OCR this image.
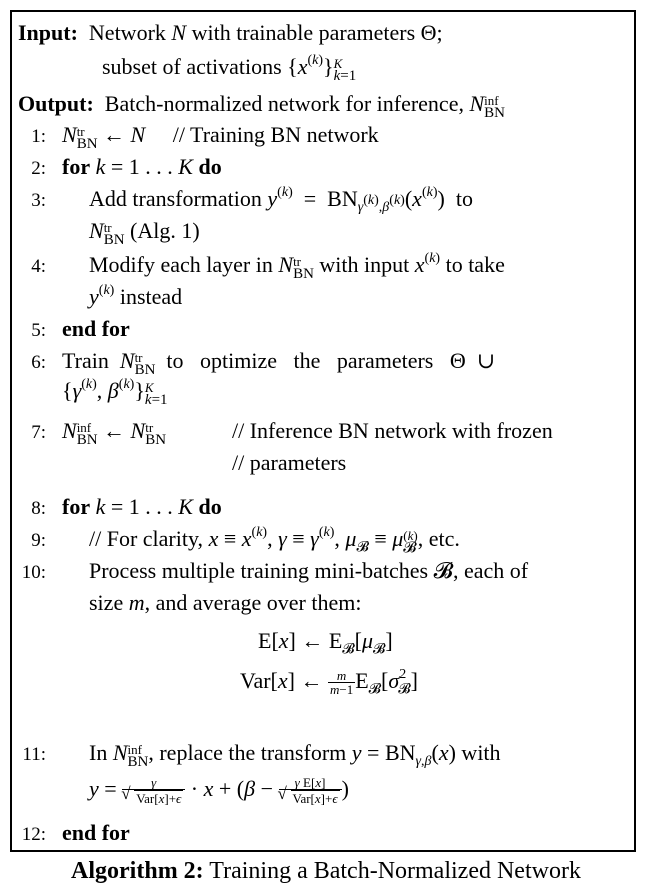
Input:  Network N with trainable parameters Θ;
subset of activations $\{x^{(k)}\}$ K
k=1
Output:  Batch-normalized network for inference, N inf
BN
1: N tr
BN ← N // Training BN network
2: for k = 1 . . . K do
3: Add transformation $y^{(k)} = BN_{\gamma^{(k)},\beta^{(k)}}(x^{(k)})$  to
N tr
BN (Alg. 1)
4: Modify each layer in N tr
BN with input $x^{(k)}$ to take
$y^{(k)}$ instead
5: end for
6: Train  N tr
BN to   optimize   the   parameters   Θ  ∪
{$\gamma^{(k)}$, $\beta^{(k)}$} K
k=1
7: N inf
BN ← N tr
BN	// Inference BN network with frozen
// parameters
8: for k = 1 . . . K do
9: // For clarity, $x \equiv x^{(k)}$, $\gamma \equiv \gamma^{(k)}$, $\mu_𝓑 \equiv \mu$ (k)
𝓑 , etc.
10: Process multiple training mini-batches 𝓑, each of
size m, and average over them:
E[x] ← $E_𝓑[\mu_𝓑]$
Var[x] ← $\frac{m}{m-1} E_𝓑[\sigma^2_𝓑]$
11: In N inf
BN , replace the transform $y = BN_{\gamma,\beta}(x)$ with
y = γ
√ Var[x]+ϵ · x + (β − γ E[x]
√ Var[x]+ϵ )
12: end for
Algorithm 2: Training a Batch-Normalized Network
